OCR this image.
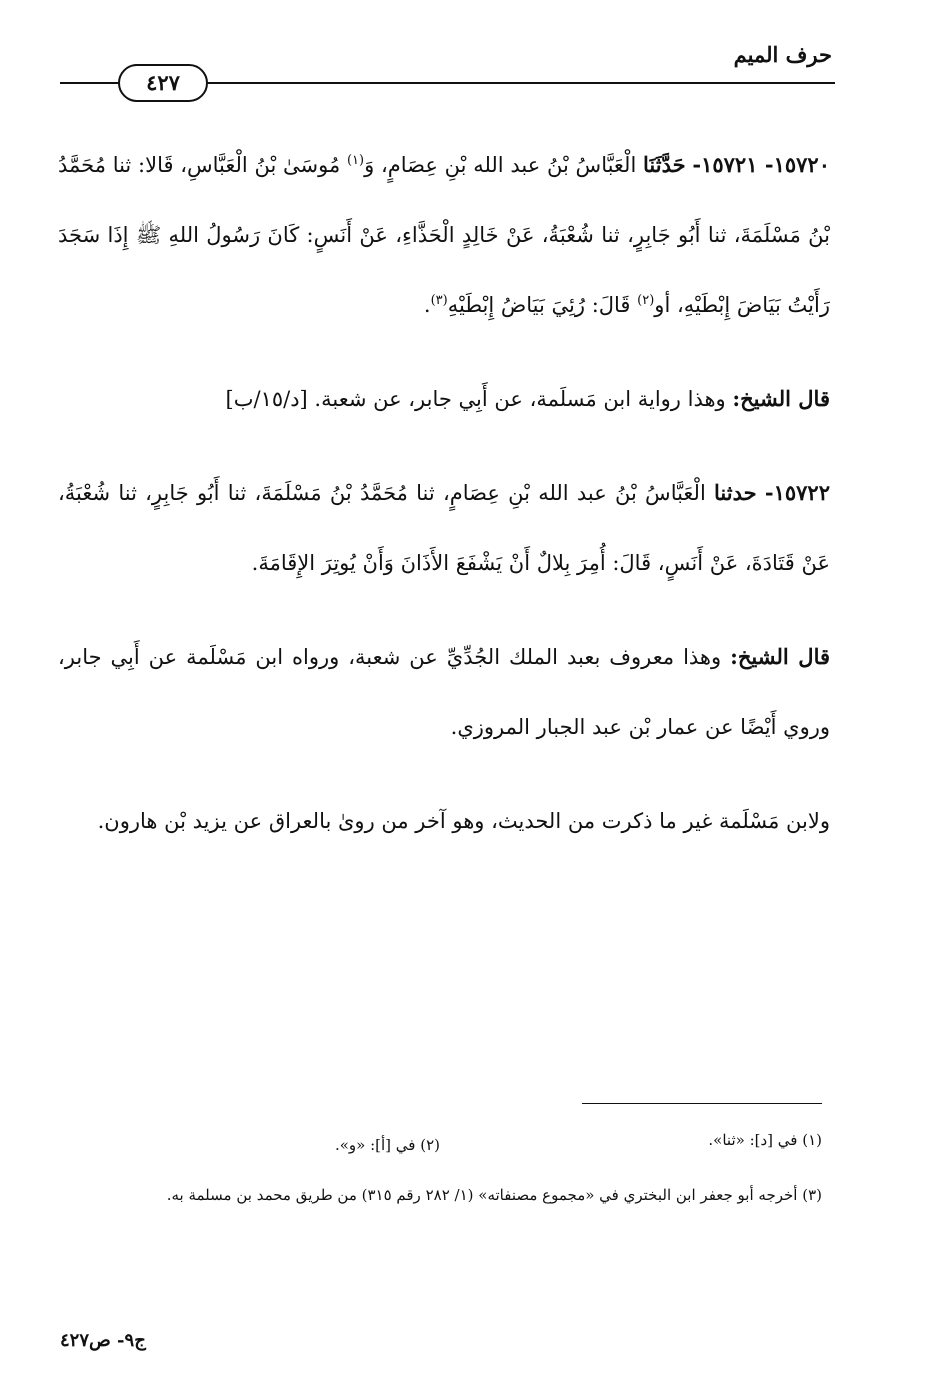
حرف الميم
٤٢٧

١٥٧٢٠- ١٥٧٢١- حَدَّثَنَا الْعَبَّاسُ بْنُ عبد الله بْنِ عِصَامٍ، وَ$^{(١)}$ مُوسَىٰ بْنُ الْعَبَّاسِ، قَالا: ثنا مُحَمَّدُ بْنُ مَسْلَمَةَ، ثنا أَبُو جَابِرٍ، ثنا شُعْبَةُ، عَنْ خَالِدٍ الْحَذَّاءِ، عَنْ أَنَسٍ: كَانَ رَسُولُ اللهِ ﷺ إِذَا سَجَدَ رَأَيْتُ بَيَاضَ إِبْطَيْهِ، أو$^{(٢)}$ قَالَ: رُئِيَ بَيَاضُ إِبْطَيْهِ$^{(٣)}$.

قال الشيخ: وهذا رواية ابن مَسلَمة، عن أَبِي جابر، عن شعبة. [د/١٥/ب]

١٥٧٢٢- حدثنا الْعَبَّاسُ بْنُ عبد الله بْنِ عِصَامٍ، ثنا مُحَمَّدُ بْنُ مَسْلَمَةَ، ثنا أَبُو جَابِرٍ، ثنا شُعْبَةُ، عَنْ قَتَادَةَ، عَنْ أَنَسٍ، قَالَ: أُمِرَ بِلالٌ أَنْ يَشْفَعَ الأَذَانَ وَأَنْ يُوتِرَ الإِقَامَةَ.

قال الشيخ: وهذا معروف بعبد الملك الجُدِّيِّ عن شعبة، ورواه ابن مَسْلَمة عن أَبِي جابر، وروي أَيْضًا عن عمار بْن عبد الجبار المروزي.

ولابن مَسْلَمة غير ما ذكرت من الحديث، وهو آخر من روىٰ بالعراق عن يزيد بْن هارون.

(١) في [د]: «ثنا».
(٢) في [أ]: «و».
(٣) أخرجه أبو جعفر ابن البختري في «مجموع مصنفاته» (١/ ٢٨٢ رقم ٣١٥) من طريق محمد بن مسلمة به.
ج٩- ص٤٢٧
